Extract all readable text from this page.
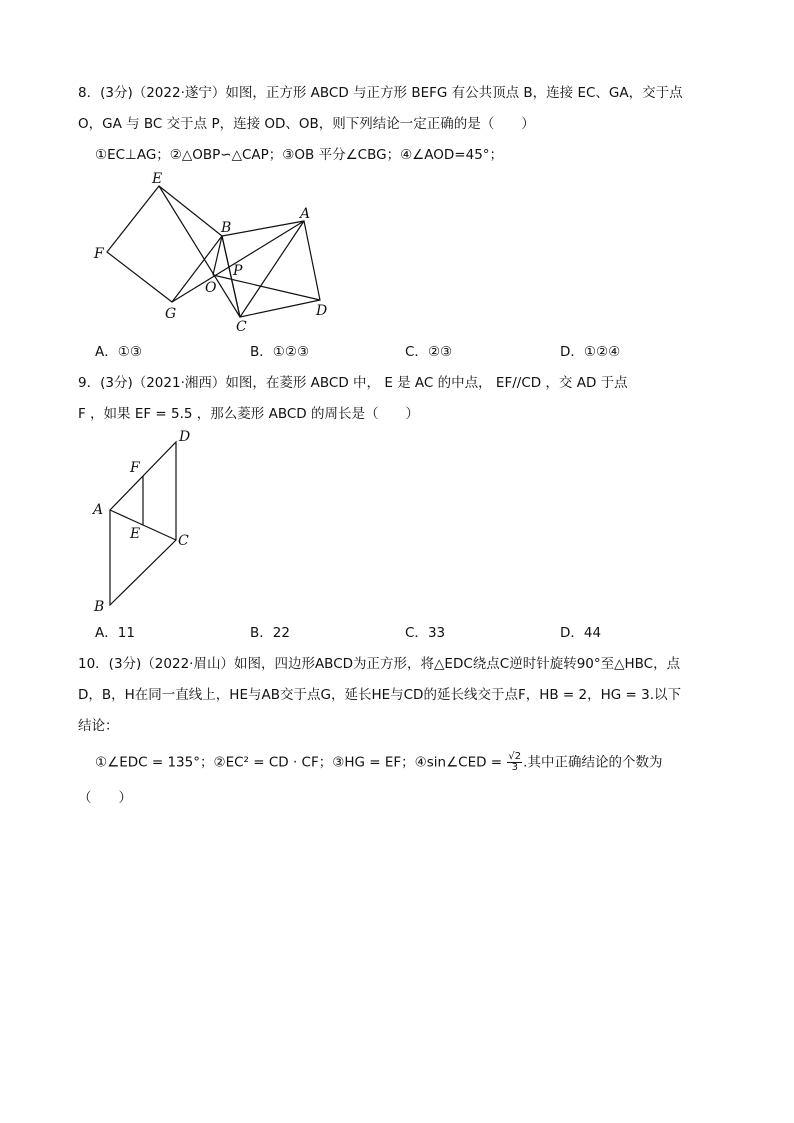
8．(3分)（2022·遂宁）如图，正方形 ABCD 与正方形 BEFG 有公共顶点 B，连接 EC、GA，交于点
O，GA 与 BC 交于点 P，连接 OD、OB，则下列结论一定正确的是（　　）
①EC⊥AG；②△OBP∽△CAP；③OB 平分∠CBG；④∠AOD=45°；
E
F
B
A
P
O
G
C
D
A．①③	B．①②③	C．②③	D．①②④
9．(3分)（2021·湘西）如图，在菱形 ABCD 中， E 是 AC 的中点， EF//CD ，交 AD 于点
F ，如果 EF = 5.5 ，那么菱形 ABCD 的周长是（　　）
D
F
A
E	C
B
A．11	B．22	C．33	D．44
10．(3分)（2022·眉山）如图，四边形ABCD为正方形，将△EDC绕点C逆时针旋转90°至△HBC，点
D，B，H在同一直线上，HE与AB交于点G，延长HE与CD的延长线交于点F，HB = 2，HG = 3.以下
结论：
①∠EDC = 135°；②EC² = CD · CF；③HG = EF；④sin∠CED = $\frac{√2}{3}$ .其中正确结论的个数为
（　　）
